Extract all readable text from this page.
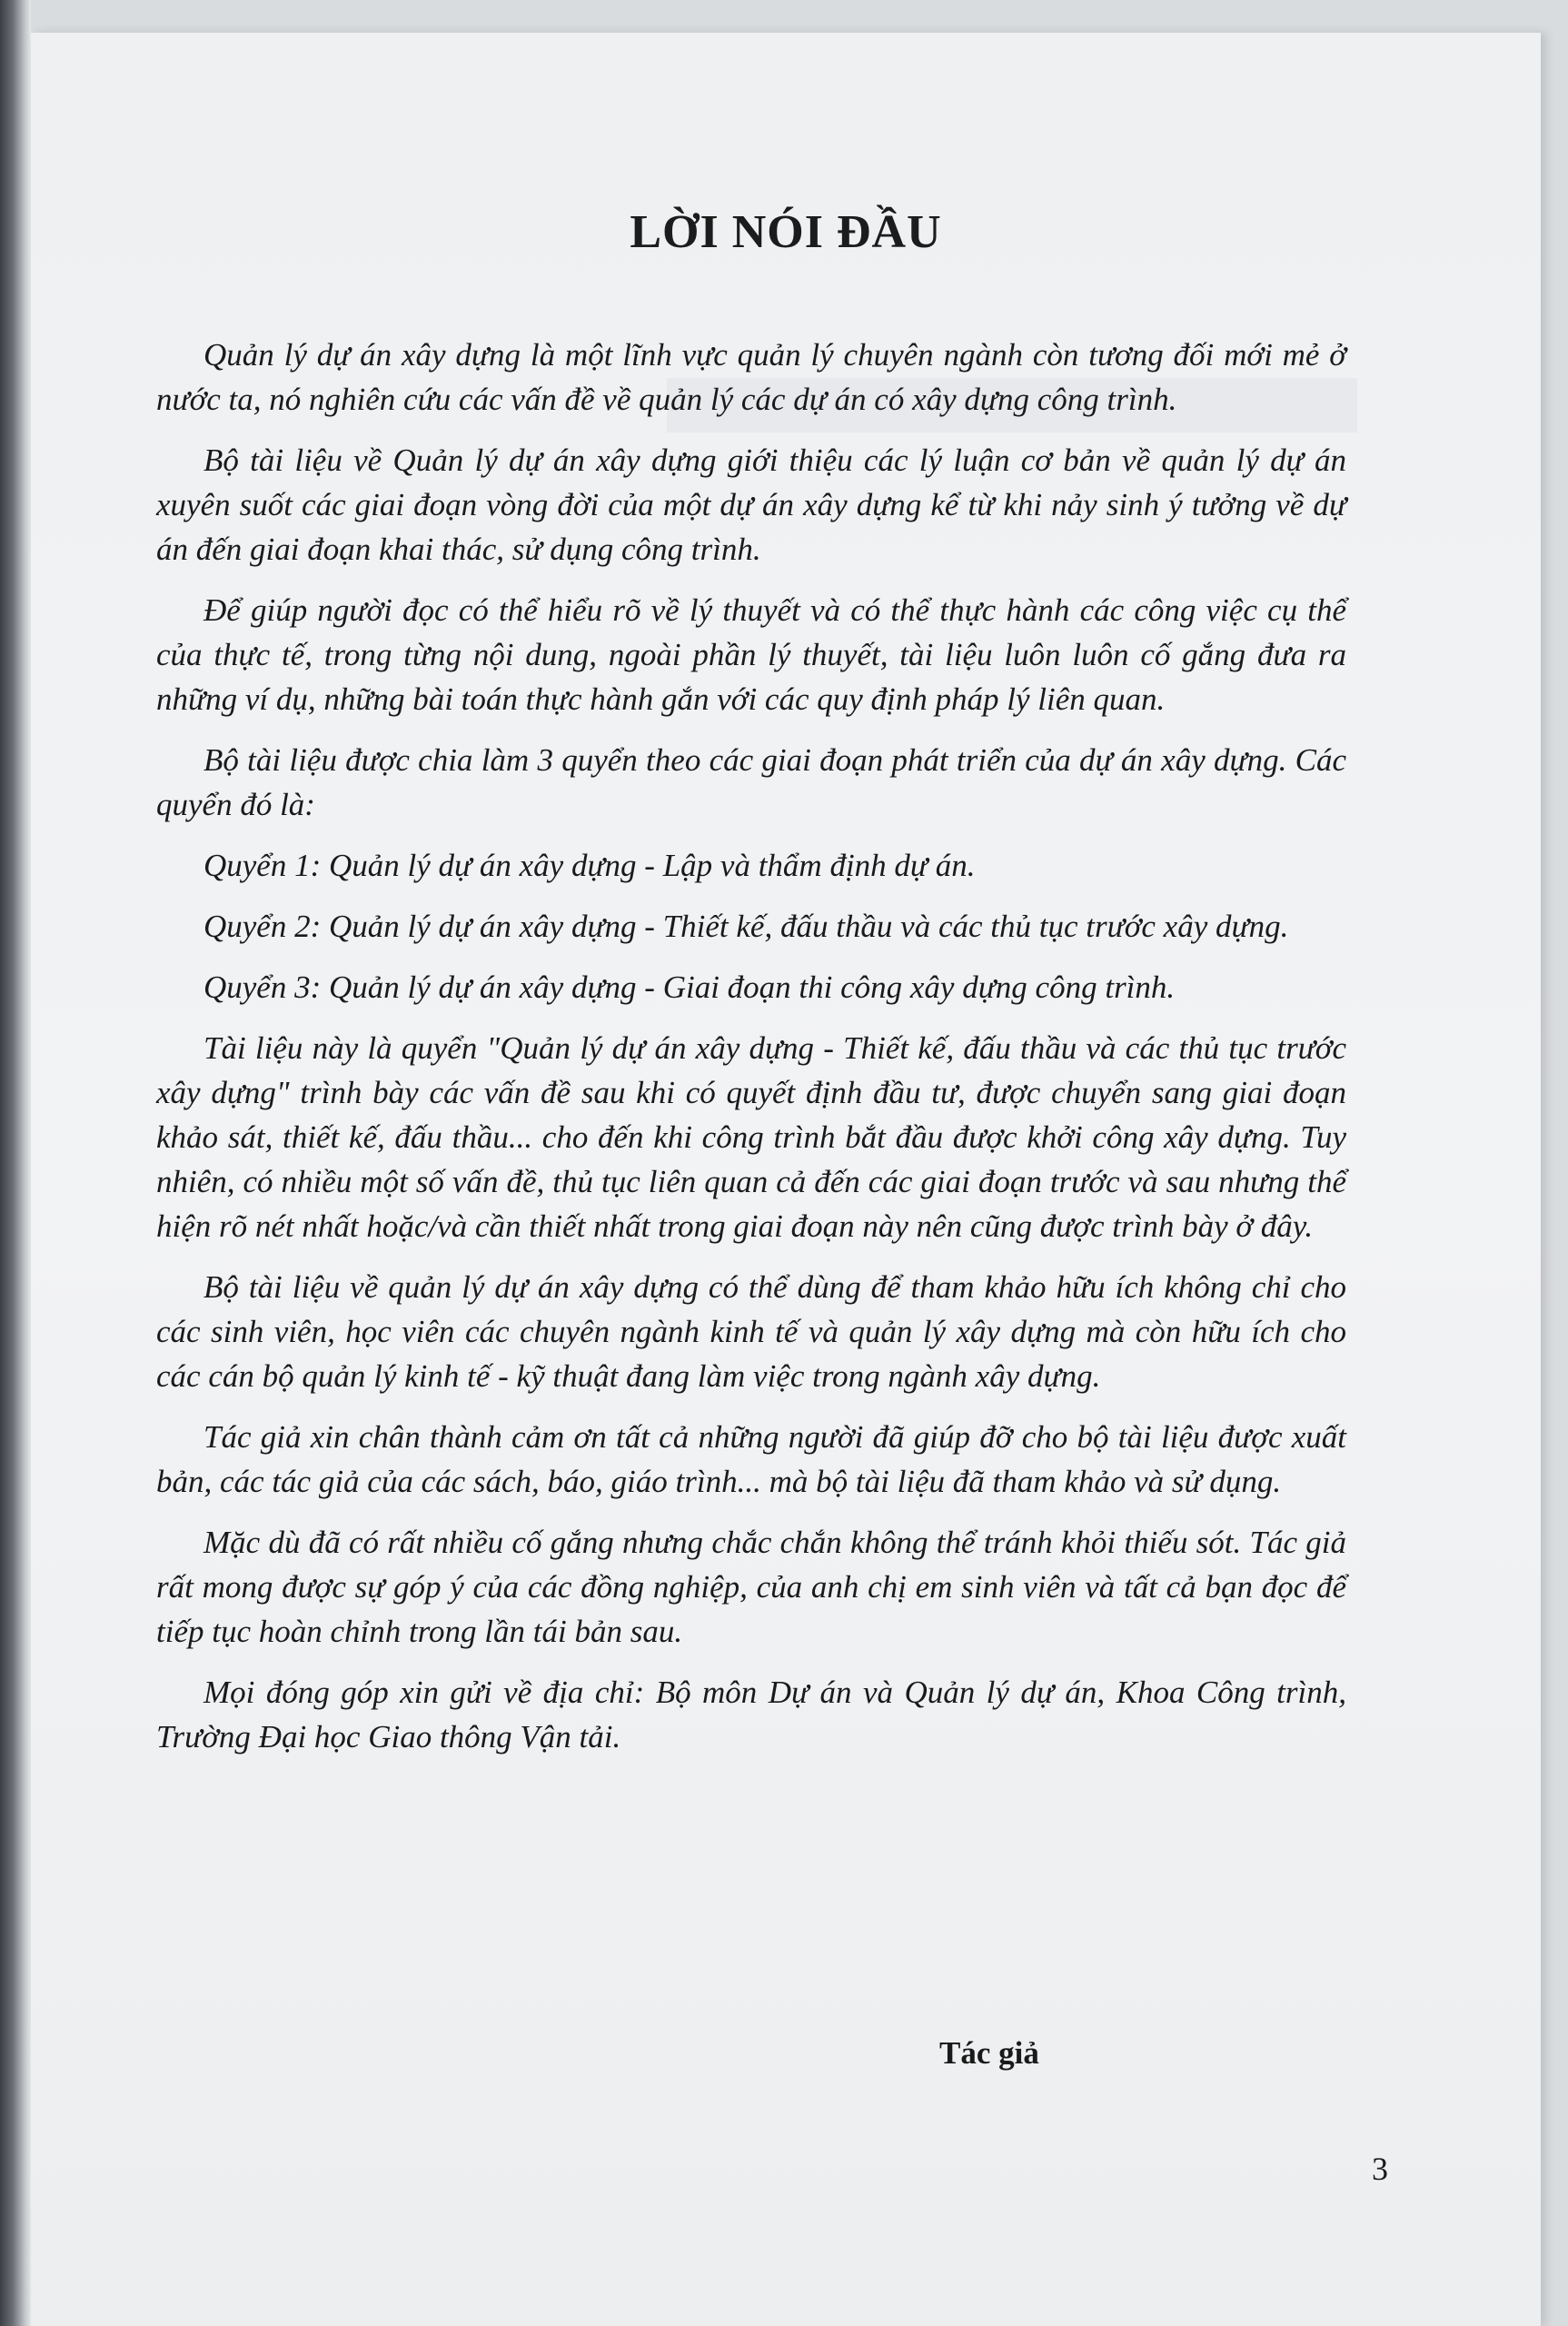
LỜI NÓI ĐẦU

Quản lý dự án xây dựng là một lĩnh vực quản lý chuyên ngành còn tương đối mới mẻ ở nước ta, nó nghiên cứu các vấn đề về quản lý các dự án có xây dựng công trình.

Bộ tài liệu về Quản lý dự án xây dựng giới thiệu các lý luận cơ bản về quản lý dự án xuyên suốt các giai đoạn vòng đời của một dự án xây dựng kể từ khi nảy sinh ý tưởng về dự án đến giai đoạn khai thác, sử dụng công trình.

Để giúp người đọc có thể hiểu rõ về lý thuyết và có thể thực hành các công việc cụ thể của thực tế, trong từng nội dung, ngoài phần lý thuyết, tài liệu luôn luôn cố gắng đưa ra những ví dụ, những bài toán thực hành gắn với các quy định pháp lý liên quan.

Bộ tài liệu được chia làm 3 quyển theo các giai đoạn phát triển của dự án xây dựng. Các quyển đó là:

Quyển 1: Quản lý dự án xây dựng - Lập và thẩm định dự án.

Quyển 2: Quản lý dự án xây dựng - Thiết kế, đấu thầu và các thủ tục trước xây dựng.

Quyển 3: Quản lý dự án xây dựng - Giai đoạn thi công xây dựng công trình.

Tài liệu này là quyển "Quản lý dự án xây dựng - Thiết kế, đấu thầu và các thủ tục trước xây dựng" trình bày các vấn đề sau khi có quyết định đầu tư, được chuyển sang giai đoạn khảo sát, thiết kế, đấu thầu... cho đến khi công trình bắt đầu được khởi công xây dựng. Tuy nhiên, có nhiều một số vấn đề, thủ tục liên quan cả đến các giai đoạn trước và sau nhưng thể hiện rõ nét nhất hoặc/và cần thiết nhất trong giai đoạn này nên cũng được trình bày ở đây.

Bộ tài liệu về quản lý dự án xây dựng có thể dùng để tham khảo hữu ích không chỉ cho các sinh viên, học viên các chuyên ngành kinh tế và quản lý xây dựng mà còn hữu ích cho các cán bộ quản lý kinh tế - kỹ thuật đang làm việc trong ngành xây dựng.

Tác giả xin chân thành cảm ơn tất cả những người đã giúp đỡ cho bộ tài liệu được xuất bản, các tác giả của các sách, báo, giáo trình... mà bộ tài liệu đã tham khảo và sử dụng.

Mặc dù đã có rất nhiều cố gắng nhưng chắc chắn không thể tránh khỏi thiếu sót. Tác giả rất mong được sự góp ý của các đồng nghiệp, của anh chị em sinh viên và tất cả bạn đọc để tiếp tục hoàn chỉnh trong lần tái bản sau.

Mọi đóng góp xin gửi về địa chỉ: Bộ môn Dự án và Quản lý dự án, Khoa Công trình, Trường Đại học Giao thông Vận tải.

Tác giả
3
